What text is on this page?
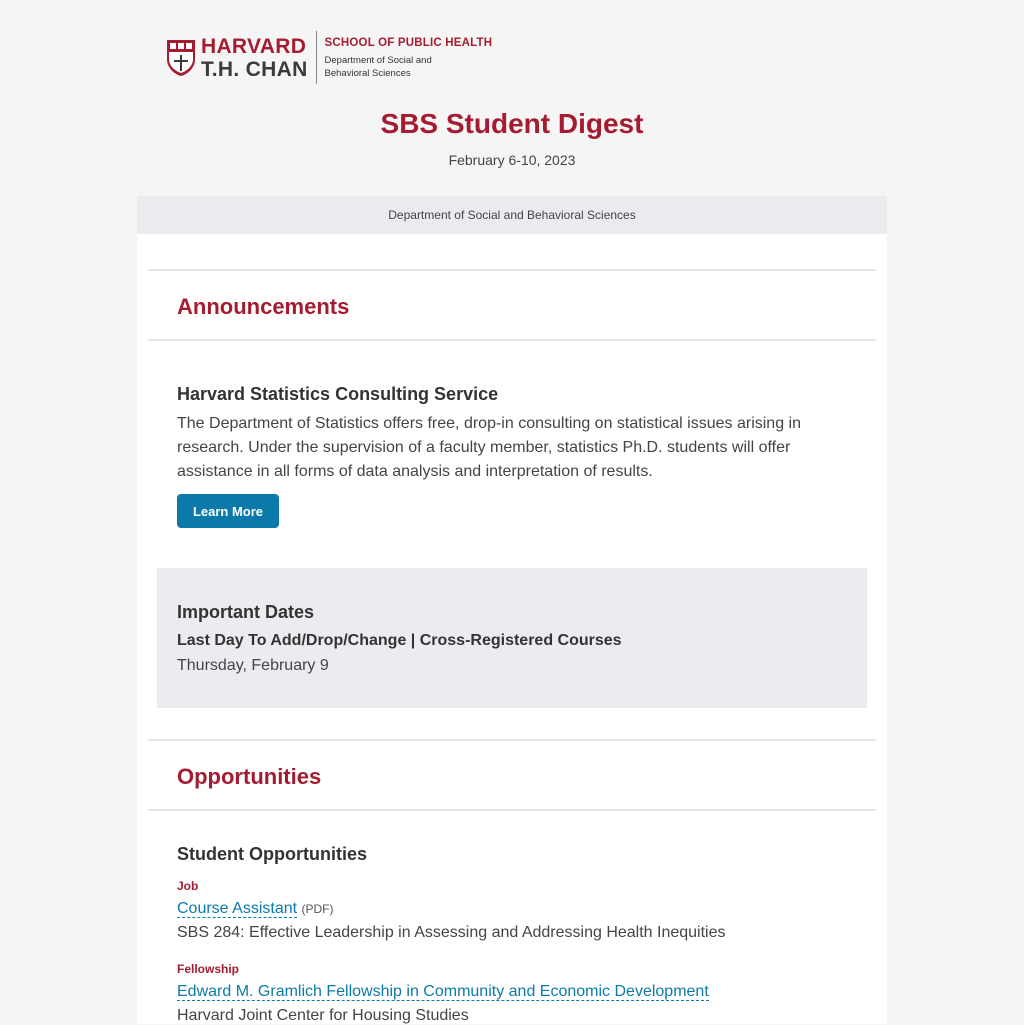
HARVARD
T.H. CHAN
SCHOOL OF PUBLIC HEALTH
Department of Social and Behavioral Sciences
SBS Student Digest
February 6-10, 2023
Department of Social and Behavioral Sciences
Announcements
Harvard Statistics Consulting Service
The Department of Statistics offers free, drop-in consulting on statistical issues arising in research. Under the supervision of a faculty member, statistics Ph.D. students will offer assistance in all forms of data analysis and interpretation of results.
Learn More
Important Dates
Last Day To Add/Drop/Change | Cross-Registered Courses
Thursday, February 9
Opportunities
Student Opportunities
Job
Course Assistant (PDF)
SBS 284: Effective Leadership in Assessing and Addressing Health Inequities
Fellowship
Edward M. Gramlich Fellowship in Community and Economic Development
Harvard Joint Center for Housing Studies
